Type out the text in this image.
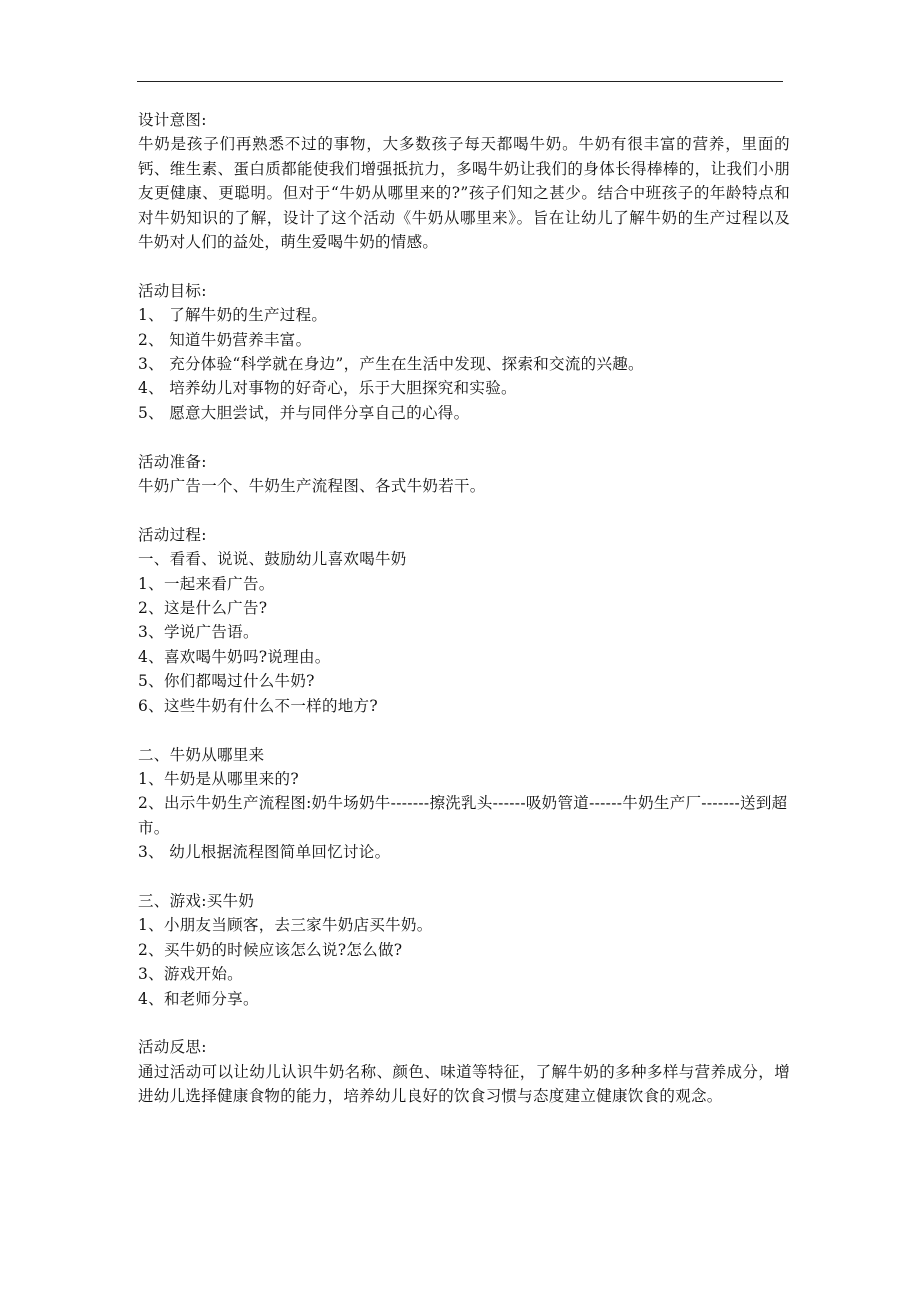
设计意图:

牛奶是孩子们再熟悉不过的事物，大多数孩子每天都喝牛奶。牛奶有很丰富的营养，里面的钙、维生素、蛋白质都能使我们增强抵抗力，多喝牛奶让我们的身体长得棒棒的，让我们小朋友更健康、更聪明。但对于“牛奶从哪里来的?”孩子们知之甚少。结合中班孩子的年龄特点和对牛奶知识的了解，设计了这个活动《牛奶从哪里来》。旨在让幼儿了解牛奶的生产过程以及牛奶对人们的益处，萌生爱喝牛奶的情感。

活动目标:

1、 了解牛奶的生产过程。

2、 知道牛奶营养丰富。

3、 充分体验“科学就在身边”，产生在生活中发现、探索和交流的兴趣。

4、 培养幼儿对事物的好奇心，乐于大胆探究和实验。

5、 愿意大胆尝试，并与同伴分享自己的心得。

活动准备:

牛奶广告一个、牛奶生产流程图、各式牛奶若干。

活动过程:

一、看看、说说、鼓励幼儿喜欢喝牛奶

1、一起来看广告。

2、这是什么广告?

3、学说广告语。

4、喜欢喝牛奶吗?说理由。

5、你们都喝过什么牛奶?

6、这些牛奶有什么不一样的地方?

二、牛奶从哪里来

1、牛奶是从哪里来的?

2、出示牛奶生产流程图:奶牛场奶牛-------擦洗乳头------吸奶管道------牛奶生产厂-------送到超市。

3、 幼儿根据流程图简单回忆讨论。

三、游戏:买牛奶

1、小朋友当顾客，去三家牛奶店买牛奶。

2、买牛奶的时候应该怎么说?怎么做?

3、游戏开始。

4、和老师分享。

活动反思:

通过活动可以让幼儿认识牛奶名称、颜色、味道等特征，了解牛奶的多种多样与营养成分，增进幼儿选择健康食物的能力，培养幼儿良好的饮食习惯与态度建立健康饮食的观念。
